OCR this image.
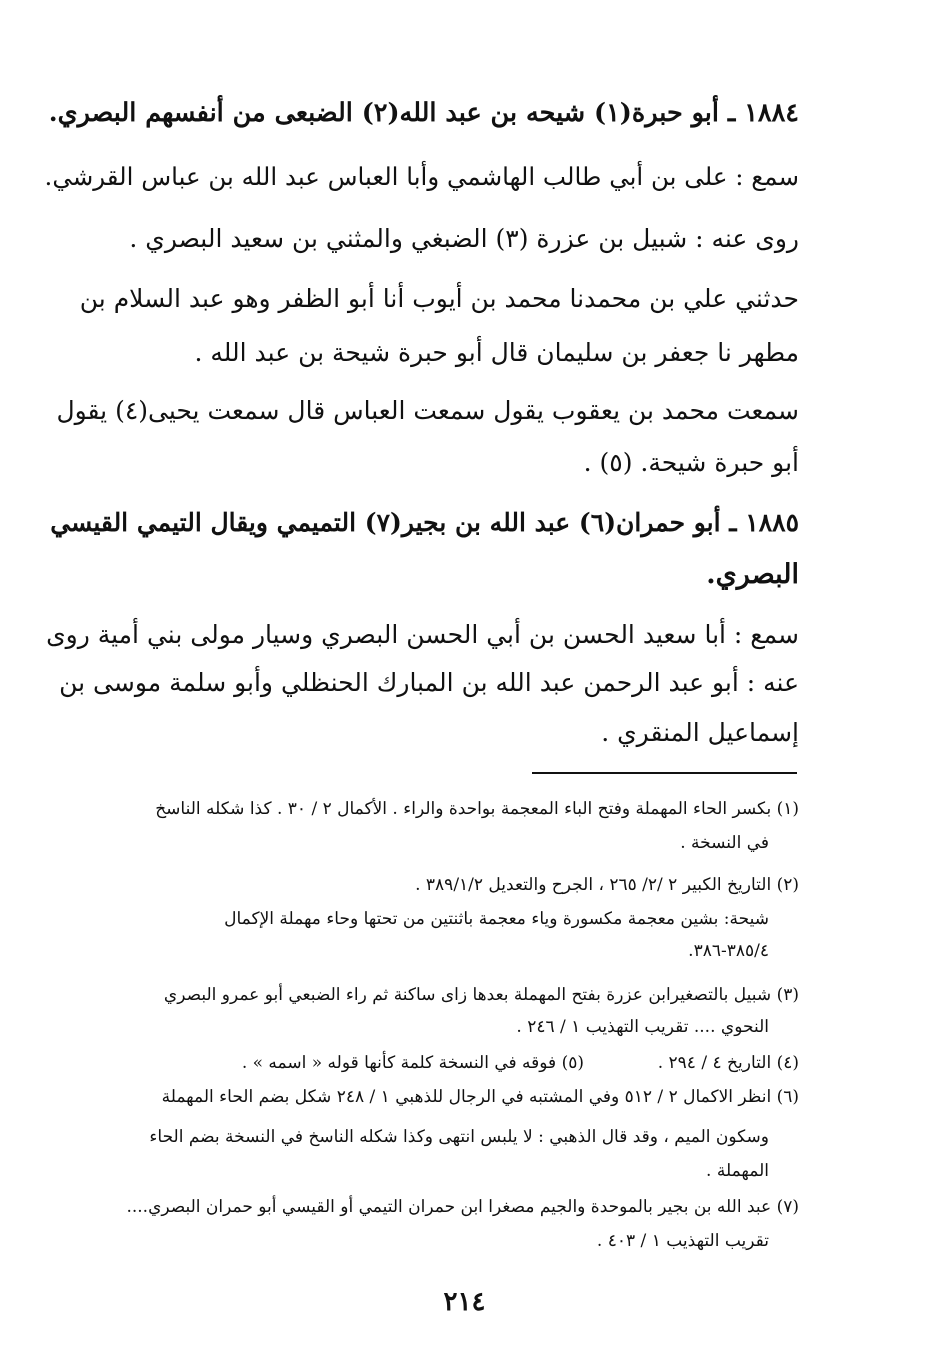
١٨٨٤ ـ أبو حبرة(١) شيحه بن عبد الله(٢) الضبعى من أنفسهم البصري.
سمع : على بن أبي طالب الهاشمي وأبا العباس عبد الله بن عباس القرشي.
روى عنه : شبيل بن عزرة (٣) الضبغي والمثني بن سعيد البصري .
حدثني علي بن محمدنا محمد بن أيوب أنا أبو الظفر وهو عبد السلام بن
مطهر نا جعفر بن سليمان قال أبو حبرة شيحة بن عبد الله .
سمعت محمد بن يعقوب يقول سمعت العباس قال سمعت يحيى(٤) يقول
أبو حبرة شيحة. (٥) .
١٨٨٥ ـ أبو حمران(٦) عبد الله بن بجير(٧) التميمي ويقال التيمي القيسي
البصري.
سمع : أبا سعيد الحسن بن أبي الحسن البصري وسيار مولى بني أمية روى
عنه : أبو عبد الرحمن عبد الله بن المبارك الحنظلي وأبو سلمة موسى بن
إسماعيل المنقري .
(١) بكسر الحاء المهملة وفتح الباء المعجمة بواحدة والراء . الأكمال ٢ / ٣٠ . كذا شكله الناسخ
في النسخة .
(٢) التاريخ الكبير ٢ /٢/ ٢٦٥ ، الجرح والتعديل ٣٨٩/١/٢ .
شيحة: بشين معجمة مكسورة وياء معجمة باثنتين من تحتها وحاء مهملة الإكمال
٣٨٥/٤-٣٨٦.
(٣) شبيل بالتصغيرابن عزرة بفتح المهملة بعدها زاى ساكنة ثم راء الضبعي أبو عمرو البصري
النحوي .... تقريب التهذيب ١ / ٢٤٦ .
(٤) التاريخ ٤ / ٢٩٤ .
(٥) فوقه في النسخة كلمة كأنها قوله « اسمه » .
(٦) انظر الاكمال ٢ / ٥١٢ وفي المشتبه في الرجال للذهبي ١ / ٢٤٨ شكل بضم الحاء المهملة
وسكون الميم ، وقد قال الذهبي : لا يلبس انتهى وكذا شكله الناسخ في النسخة بضم الحاء
المهملة .
(٧) عبد الله بن بجير بالموحدة والجيم مصغرا ابن حمران التيمي أو القيسي أبو حمران البصري....
تقريب التهذيب ١ / ٤٠٣ .
٢١٤
